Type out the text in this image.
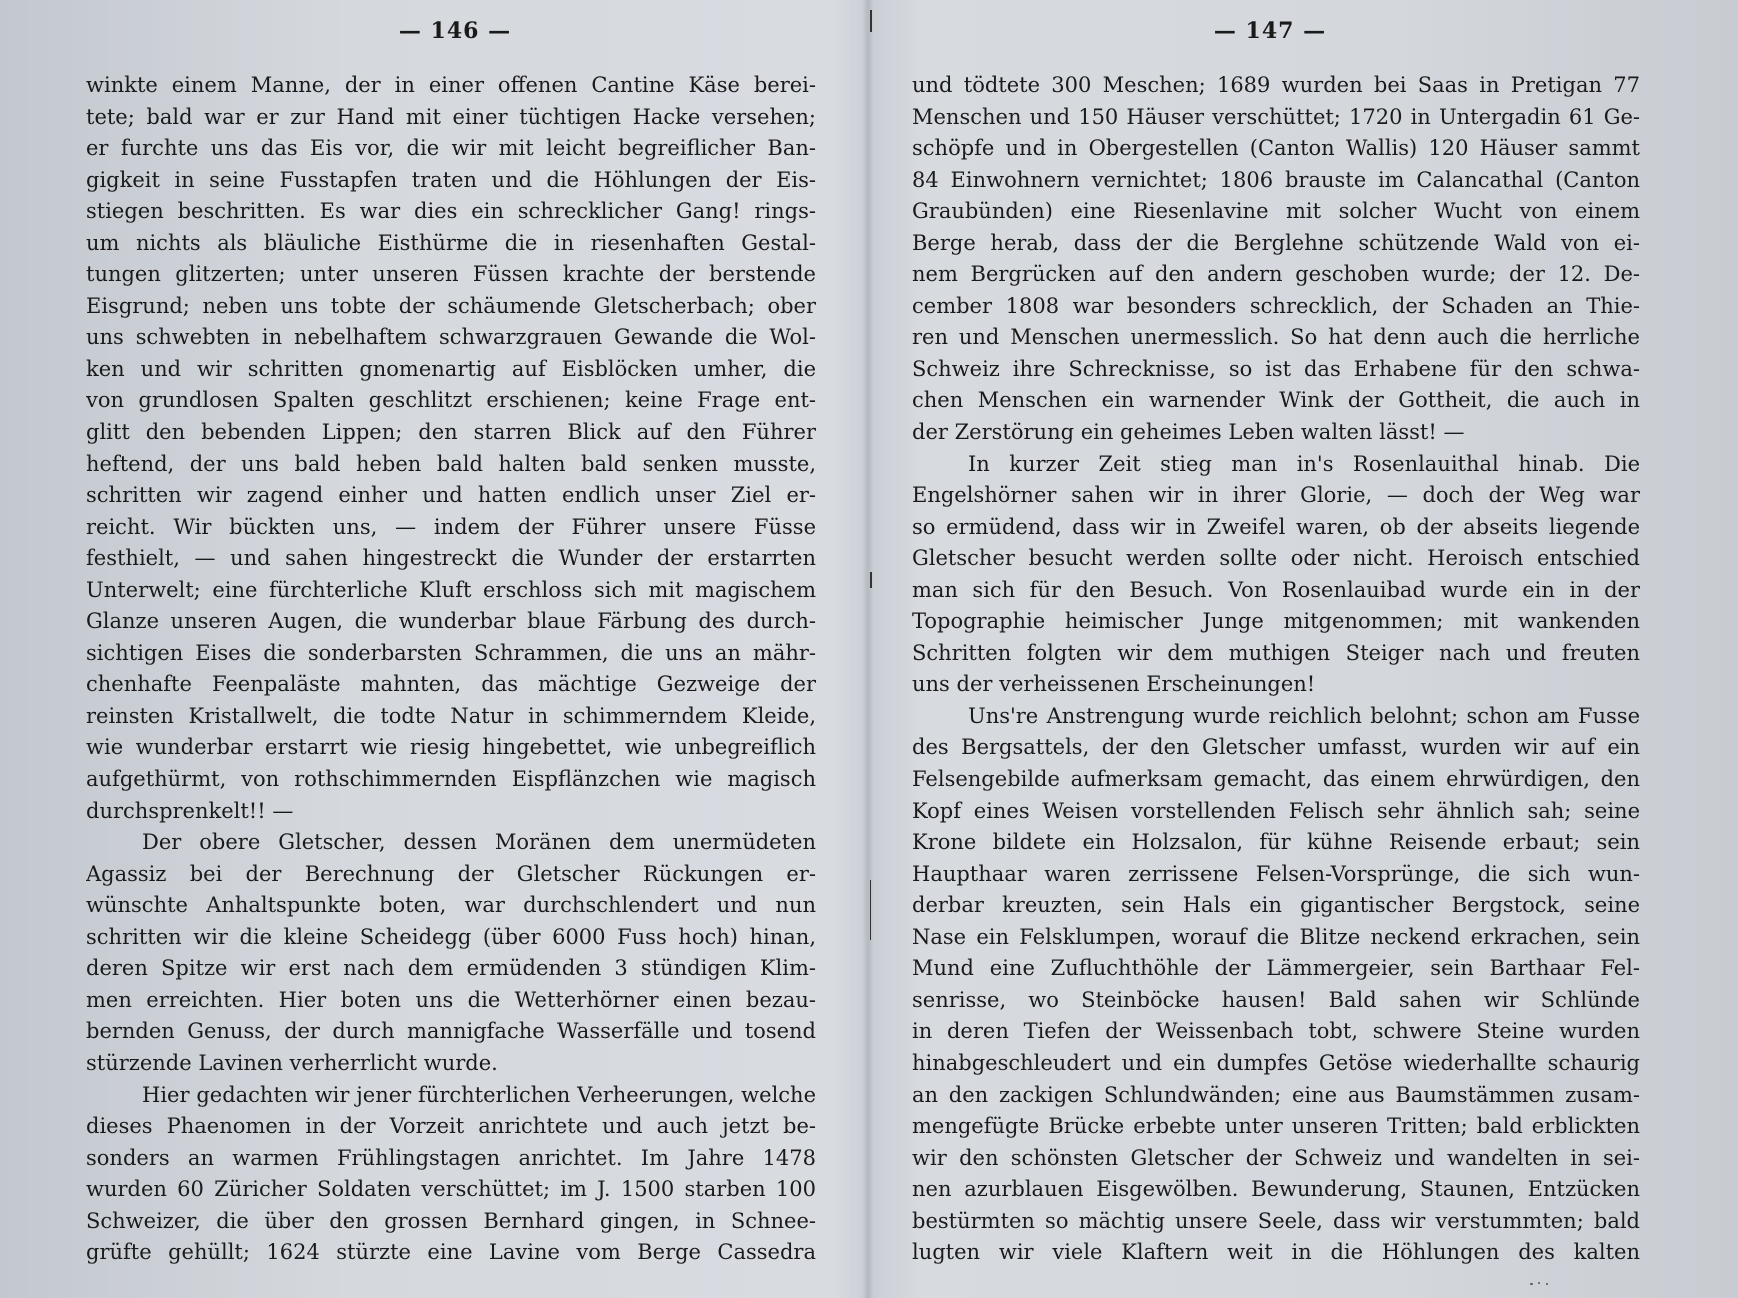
— 146 —
winkte einem Manne, der in einer offenen Cantine Käse berei-
tete; bald war er zur Hand mit einer tüchtigen Hacke versehen;
er furchte uns das Eis vor, die wir mit leicht begreiflicher Ban-
gigkeit in seine Fusstapfen traten und die Höhlungen der Eis-
stiegen beschritten. Es war dies ein schrecklicher Gang! rings-
um nichts als bläuliche Eisthürme die in riesenhaften Gestal-
tungen glitzerten; unter unseren Füssen krachte der berstende
Eisgrund; neben uns tobte der schäumende Gletscherbach; ober
uns schwebten in nebelhaftem schwarzgrauen Gewande die Wol-
ken und wir schritten gnomenartig auf Eisblöcken umher, die
von grundlosen Spalten geschlitzt erschienen; keine Frage ent-
glitt den bebenden Lippen; den starren Blick auf den Führer
heftend, der uns bald heben bald halten bald senken musste,
schritten wir zagend einher und hatten endlich unser Ziel er-
reicht. Wir bückten uns, — indem der Führer unsere Füsse
festhielt, — und sahen hingestreckt die Wunder der erstarrten
Unterwelt; eine fürchterliche Kluft erschloss sich mit magischem
Glanze unseren Augen, die wunderbar blaue Färbung des durch-
sichtigen Eises die sonderbarsten Schrammen, die uns an mähr-
chenhafte Feenpaläste mahnten, das mächtige Gezweige der
reinsten Kristallwelt, die todte Natur in schimmerndem Kleide,
wie wunderbar erstarrt wie riesig hingebettet, wie unbegreiflich
aufgethürmt, von rothschimmernden Eispflänzchen wie magisch
durchsprenkelt!! —
Der obere Gletscher, dessen Moränen dem unermüdeten
Agassiz bei der Berechnung der Gletscher Rückungen er-
wünschte Anhaltspunkte boten, war durchschlendert und nun
schritten wir die kleine Scheidegg (über 6000 Fuss hoch) hinan,
deren Spitze wir erst nach dem ermüdenden 3 stündigen Klim-
men erreichten. Hier boten uns die Wetterhörner einen bezau-
bernden Genuss, der durch mannigfache Wasserfälle und tosend
stürzende Lavinen verherrlicht wurde.
Hier gedachten wir jener fürchterlichen Verheerungen, welche
dieses Phaenomen in der Vorzeit anrichtete und auch jetzt be-
sonders an warmen Frühlingstagen anrichtet. Im Jahre 1478
wurden 60 Züricher Soldaten verschüttet; im J. 1500 starben 100
Schweizer, die über den grossen Bernhard gingen, in Schnee-
grüfte gehüllt; 1624 stürzte eine Lavine vom Berge Cassedra
— 147 —
und tödtete 300 Meschen; 1689 wurden bei Saas in Pretigan 77
Menschen und 150 Häuser verschüttet; 1720 in Untergadin 61 Ge-
schöpfe und in Obergestellen (Canton Wallis) 120 Häuser sammt
84 Einwohnern vernichtet; 1806 brauste im Calancathal (Canton
Graubünden) eine Riesenlavine mit solcher Wucht von einem
Berge herab, dass der die Berglehne schützende Wald von ei-
nem Bergrücken auf den andern geschoben wurde; der 12. De-
cember 1808 war besonders schrecklich, der Schaden an Thie-
ren und Menschen unermesslich. So hat denn auch die herrliche
Schweiz ihre Schrecknisse, so ist das Erhabene für den schwa-
chen Menschen ein warnender Wink der Gottheit, die auch in
der Zerstörung ein geheimes Leben walten lässt! —
In kurzer Zeit stieg man in's Rosenlauithal hinab. Die
Engelshörner sahen wir in ihrer Glorie, — doch der Weg war
so ermüdend, dass wir in Zweifel waren, ob der abseits liegende
Gletscher besucht werden sollte oder nicht. Heroisch entschied
man sich für den Besuch. Von Rosenlauibad wurde ein in der
Topographie heimischer Junge mitgenommen; mit wankenden
Schritten folgten wir dem muthigen Steiger nach und freuten
uns der verheissenen Erscheinungen!
Uns're Anstrengung wurde reichlich belohnt; schon am Fusse
des Bergsattels, der den Gletscher umfasst, wurden wir auf ein
Felsengebilde aufmerksam gemacht, das einem ehrwürdigen, den
Kopf eines Weisen vorstellenden Felisch sehr ähnlich sah; seine
Krone bildete ein Holzsalon, für kühne Reisende erbaut; sein
Haupthaar waren zerrissene Felsen-Vorsprünge, die sich wun-
derbar kreuzten, sein Hals ein gigantischer Bergstock, seine
Nase ein Felsklumpen, worauf die Blitze neckend erkrachen, sein
Mund eine Zufluchthöhle der Lämmergeier, sein Barthaar Fel-
senrisse, wo Steinböcke hausen! Bald sahen wir Schlünde
in deren Tiefen der Weissenbach tobt, schwere Steine wurden
hinabgeschleudert und ein dumpfes Getöse wiederhallte schaurig
an den zackigen Schlundwänden; eine aus Baumstämmen zusam-
mengefügte Brücke erbebte unter unseren Tritten; bald erblickten
wir den schönsten Gletscher der Schweiz und wandelten in sei-
nen azurblauen Eisgewölben. Bewunderung, Staunen, Entzücken
bestürmten so mächtig unsere Seele, dass wir verstummten; bald
lugten wir viele Klaftern weit in die Höhlungen des kalten
